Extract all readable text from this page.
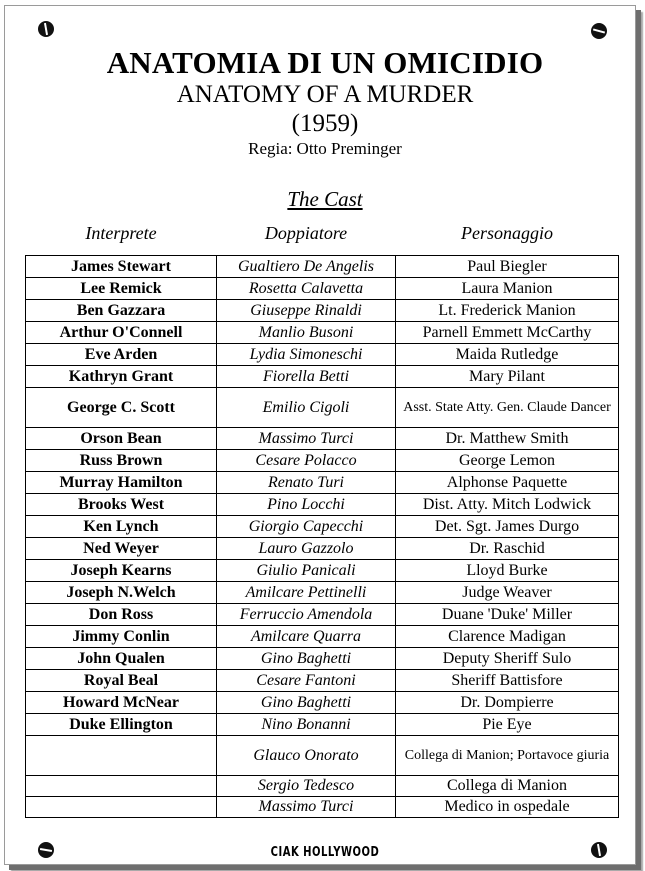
ANATOMIA DI UN OMICIDIO
ANATOMY OF A MURDER
(1959)
Regia: Otto Preminger
The Cast
Interprete	Doppiatore	Personaggio
James Stewart	Gualtiero De Angelis	Paul Biegler
Lee Remick	Rosetta Calavetta	Laura Manion
Ben Gazzara	Giuseppe Rinaldi	Lt. Frederick Manion
Arthur O'Connell	Manlio Busoni	Parnell Emmett McCarthy
Eve Arden	Lydia Simoneschi	Maida Rutledge
Kathryn Grant	Fiorella Betti	Mary Pilant
George C. Scott	Emilio Cigoli	Asst. State Atty. Gen. Claude Dancer
Orson Bean	Massimo Turci	Dr. Matthew Smith
Russ Brown	Cesare Polacco	George Lemon
Murray Hamilton	Renato Turi	Alphonse Paquette
Brooks West	Pino Locchi	Dist. Atty. Mitch Lodwick
Ken Lynch	Giorgio Capecchi	Det. Sgt. James Durgo
Ned Weyer	Lauro Gazzolo	Dr. Raschid
Joseph Kearns	Giulio Panicali	Lloyd Burke
Joseph N.Welch	Amilcare Pettinelli	Judge Weaver
Don Ross	Ferruccio Amendola	Duane 'Duke' Miller
Jimmy Conlin	Amilcare Quarra	Clarence Madigan
John Qualen	Gino Baghetti	Deputy Sheriff Sulo
Royal Beal	Cesare Fantoni	Sheriff Battisfore
Howard McNear	Gino Baghetti	Dr. Dompierre
Duke Ellington	Nino Bonanni	Pie Eye
	Glauco Onorato	Collega di Manion; Portavoce giuria
	Sergio Tedesco	Collega di Manion
	Massimo Turci	Medico in ospedale
CIAK HOLLYWOOD
